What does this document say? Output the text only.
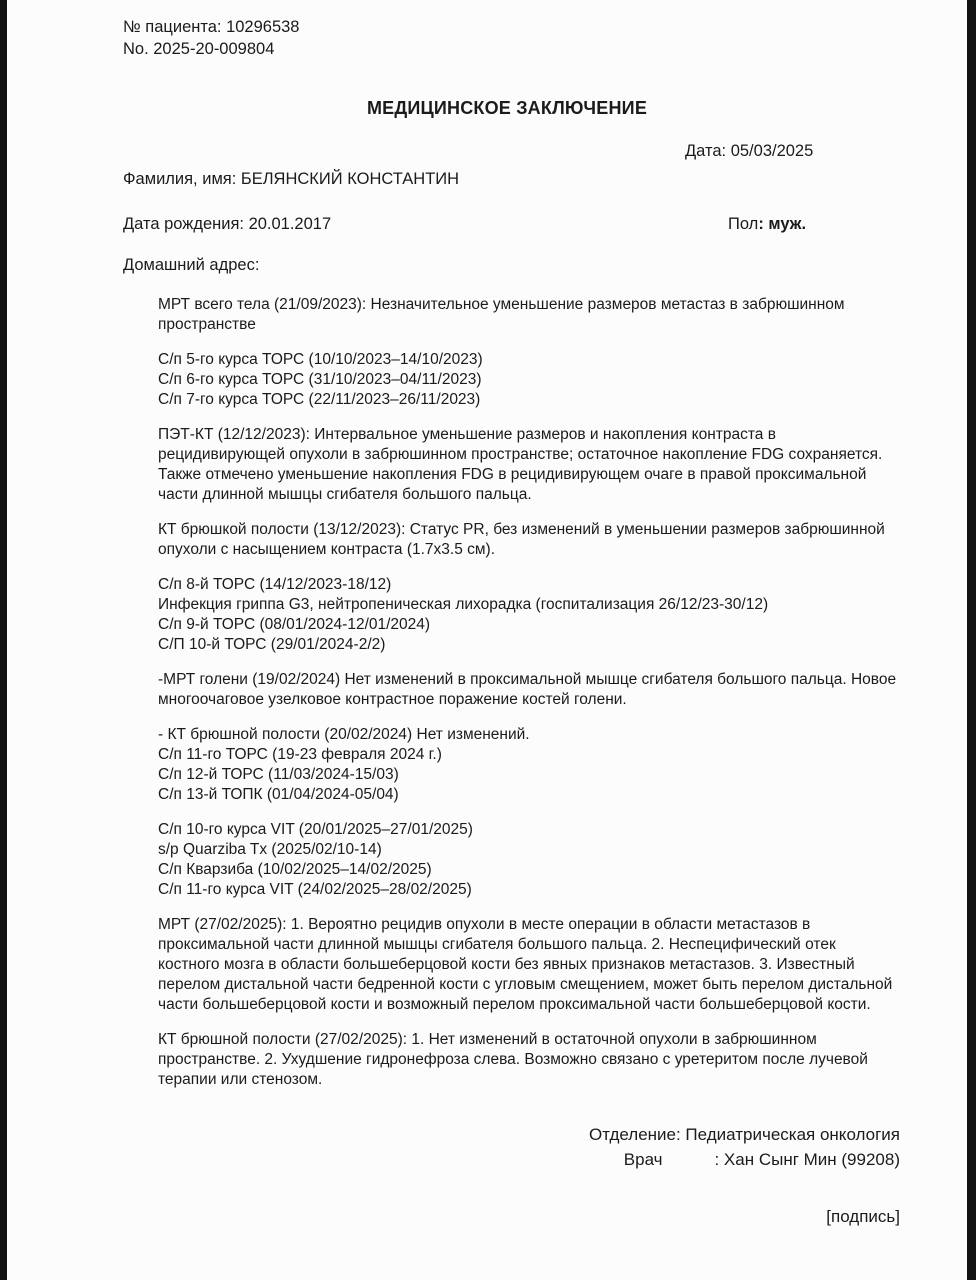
№ пациента: 10296538

No. 2025-20-009804

МЕДИЦИНСКОЕ ЗАКЛЮЧЕНИЕ
Дата: 05/03/2025
Фамилия, имя: БЕЛЯНСКИЙ КОНСТАНТИН
Дата рождения: 20.01.2017	Пол: муж.
Домашний адрес:

МРТ всего тела (21/09/2023): Незначительное уменьшение размеров метастаз в забрюшинном пространстве

С/п 5-го курса ТОРС (10/10/2023–14/10/2023)

С/п 6-го курса ТОРС (31/10/2023–04/11/2023)

С/п 7-го курса ТОРС (22/11/2023–26/11/2023)

ПЭТ-КТ (12/12/2023): Интервальное уменьшение размеров и накопления контраста в рецидивирующей опухоли в забрюшинном пространстве; остаточное накопление FDG сохраняется. Также отмечено уменьшение накопления FDG в рецидивирующем очаге в правой проксимальной части длинной мышцы сгибателя большого пальца.

КТ брюшкой полости (13/12/2023): Статус PR, без изменений в уменьшении размеров забрюшинной опухоли с насыщением контраста (1.7x3.5 см).

С/п 8-й ТОРС (14/12/2023-18/12)

Инфекция гриппа G3, нейтропеническая лихорадка (госпитализация 26/12/23-30/12)

С/п 9-й ТОРС (08/01/2024-12/01/2024)

С/П 10-й ТОРС (29/01/2024-2/2)

-МРТ голени (19/02/2024) Нет изменений в проксимальной мышце сгибателя большого пальца. Новое многоочаговое узелковое контрастное поражение костей голени.

- КТ брюшной полости (20/02/2024) Нет изменений.

С/п 11-го ТОРС (19-23 февраля 2024 г.)

С/п 12-й ТОРС (11/03/2024-15/03)

С/п 13-й ТОПК (01/04/2024-05/04)

С/п 10-го курса VIT (20/01/2025–27/01/2025)

s/p Quarziba Tx (2025/02/10-14)

С/п Кварзиба (10/02/2025–14/02/2025)

С/п 11-го курса VIT (24/02/2025–28/02/2025)

МРТ (27/02/2025): 1. Вероятно рецидив опухоли в месте операции в области метастазов в проксимальной части длинной мышцы сгибателя большого пальца. 2. Неспецифический отек костного мозга в области большеберцовой кости без явных признаков метастазов. 3. Известный перелом дистальной части бедренной кости с угловым смещением, может быть перелом дистальной части большеберцовой кости и возможный перелом проксимальной части большеберцовой кости.

КТ брюшной полости (27/02/2025): 1. Нет изменений в остаточной опухоли в забрюшинном пространстве. 2. Ухудшение гидронефроза слева. Возможно связано с уретеритом после лучевой терапии или стенозом.

Отделение: Педиатрическая онкология

Врач           : Хан Сынг Мин (99208)

[подпись]
